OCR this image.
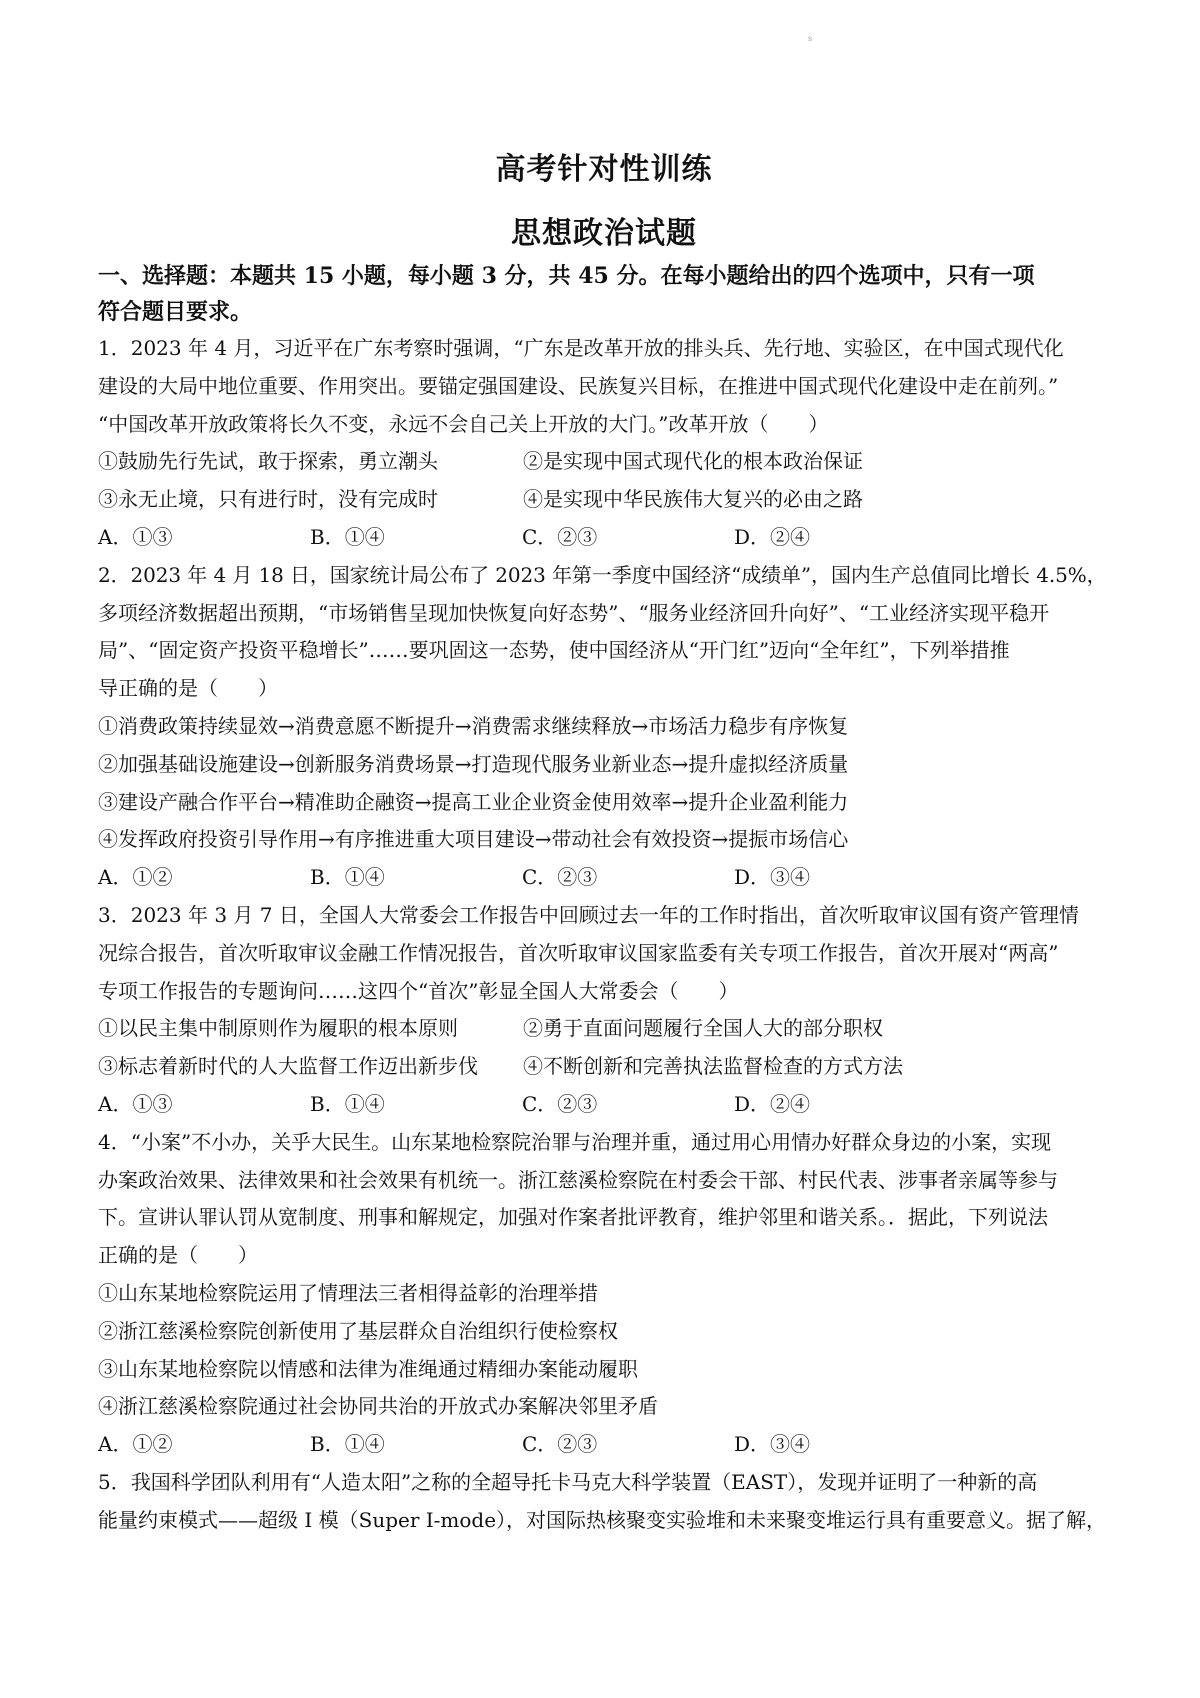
s
高考针对性训练
思想政治试题
一、选择题：本题共 15 小题，每小题 3 分，共 45 分。在每小题给出的四个选项中，只有一项
符合题目要求。
1．2023 年 4 月，习近平在广东考察时强调，“广东是改革开放的排头兵、先行地、实验区，在中国式现代化
建设的大局中地位重要、作用突出。要锚定强国建设、民族复兴目标，在推进中国式现代化建设中走在前列。”
“中国改革开放政策将长久不变，永远不会自己关上开放的大门。”改革开放（　　）
①鼓励先行先试，敢于探索，勇立潮头	②是实现中国式现代化的根本政治保证
③永无止境，只有进行时，没有完成时	④是实现中华民族伟大复兴的必由之路
A．①③	B．①④	C．②③	D．②④
2．2023 年 4 月 18 日，国家统计局公布了 2023 年第一季度中国经济“成绩单”，国内生产总值同比增长 4.5%，
多项经济数据超出预期，“市场销售呈现加快恢复向好态势”、“服务业经济回升向好”、“工业经济实现平稳开
局”、“固定资产投资平稳增长”……要巩固这一态势，使中国经济从“开门红”迈向“全年红”，下列举措推
导正确的是（　　）
①消费政策持续显效→消费意愿不断提升→消费需求继续释放→市场活力稳步有序恢复
②加强基础设施建设→创新服务消费场景→打造现代服务业新业态→提升虚拟经济质量
③建设产融合作平台→精准助企融资→提高工业企业资金使用效率→提升企业盈利能力
④发挥政府投资引导作用→有序推进重大项目建设→带动社会有效投资→提振市场信心
A．①②	B．①④	C．②③	D．③④
3．2023 年 3 月 7 日，全国人大常委会工作报告中回顾过去一年的工作时指出，首次听取审议国有资产管理情
况综合报告，首次听取审议金融工作情况报告，首次听取审议国家监委有关专项工作报告，首次开展对“两高”
专项工作报告的专题询问……这四个“首次”彰显全国人大常委会（　　）
①以民主集中制原则作为履职的根本原则	②勇于直面问题履行全国人大的部分职权
③标志着新时代的人大监督工作迈出新步伐	④不断创新和完善执法监督检查的方式方法
A．①③	B．①④	C．②③	D．②④
4．“小案”不小办，关乎大民生。山东某地检察院治罪与治理并重，通过用心用情办好群众身边的小案，实现
办案政治效果、法律效果和社会效果有机统一。浙江慈溪检察院在村委会干部、村民代表、涉事者亲属等参与
下。宣讲认罪认罚从宽制度、刑事和解规定，加强对作案者批评教育，维护邻里和谐关系。．据此，下列说法
正确的是（　　）
①山东某地检察院运用了情理法三者相得益彰的治理举措
②浙江慈溪检察院创新使用了基层群众自治组织行使检察权
③山东某地检察院以情感和法律为准绳通过精细办案能动履职
④浙江慈溪检察院通过社会协同共治的开放式办案解决邻里矛盾
A．①②	B．①④	C．②③	D．③④
5．我国科学团队利用有“人造太阳”之称的全超导托卡马克大科学装置（EAST），发现并证明了一种新的高
能量约束模式——超级 I 模（Super I-mode），对国际热核聚变实验堆和未来聚变堆运行具有重要意义。据了解，
